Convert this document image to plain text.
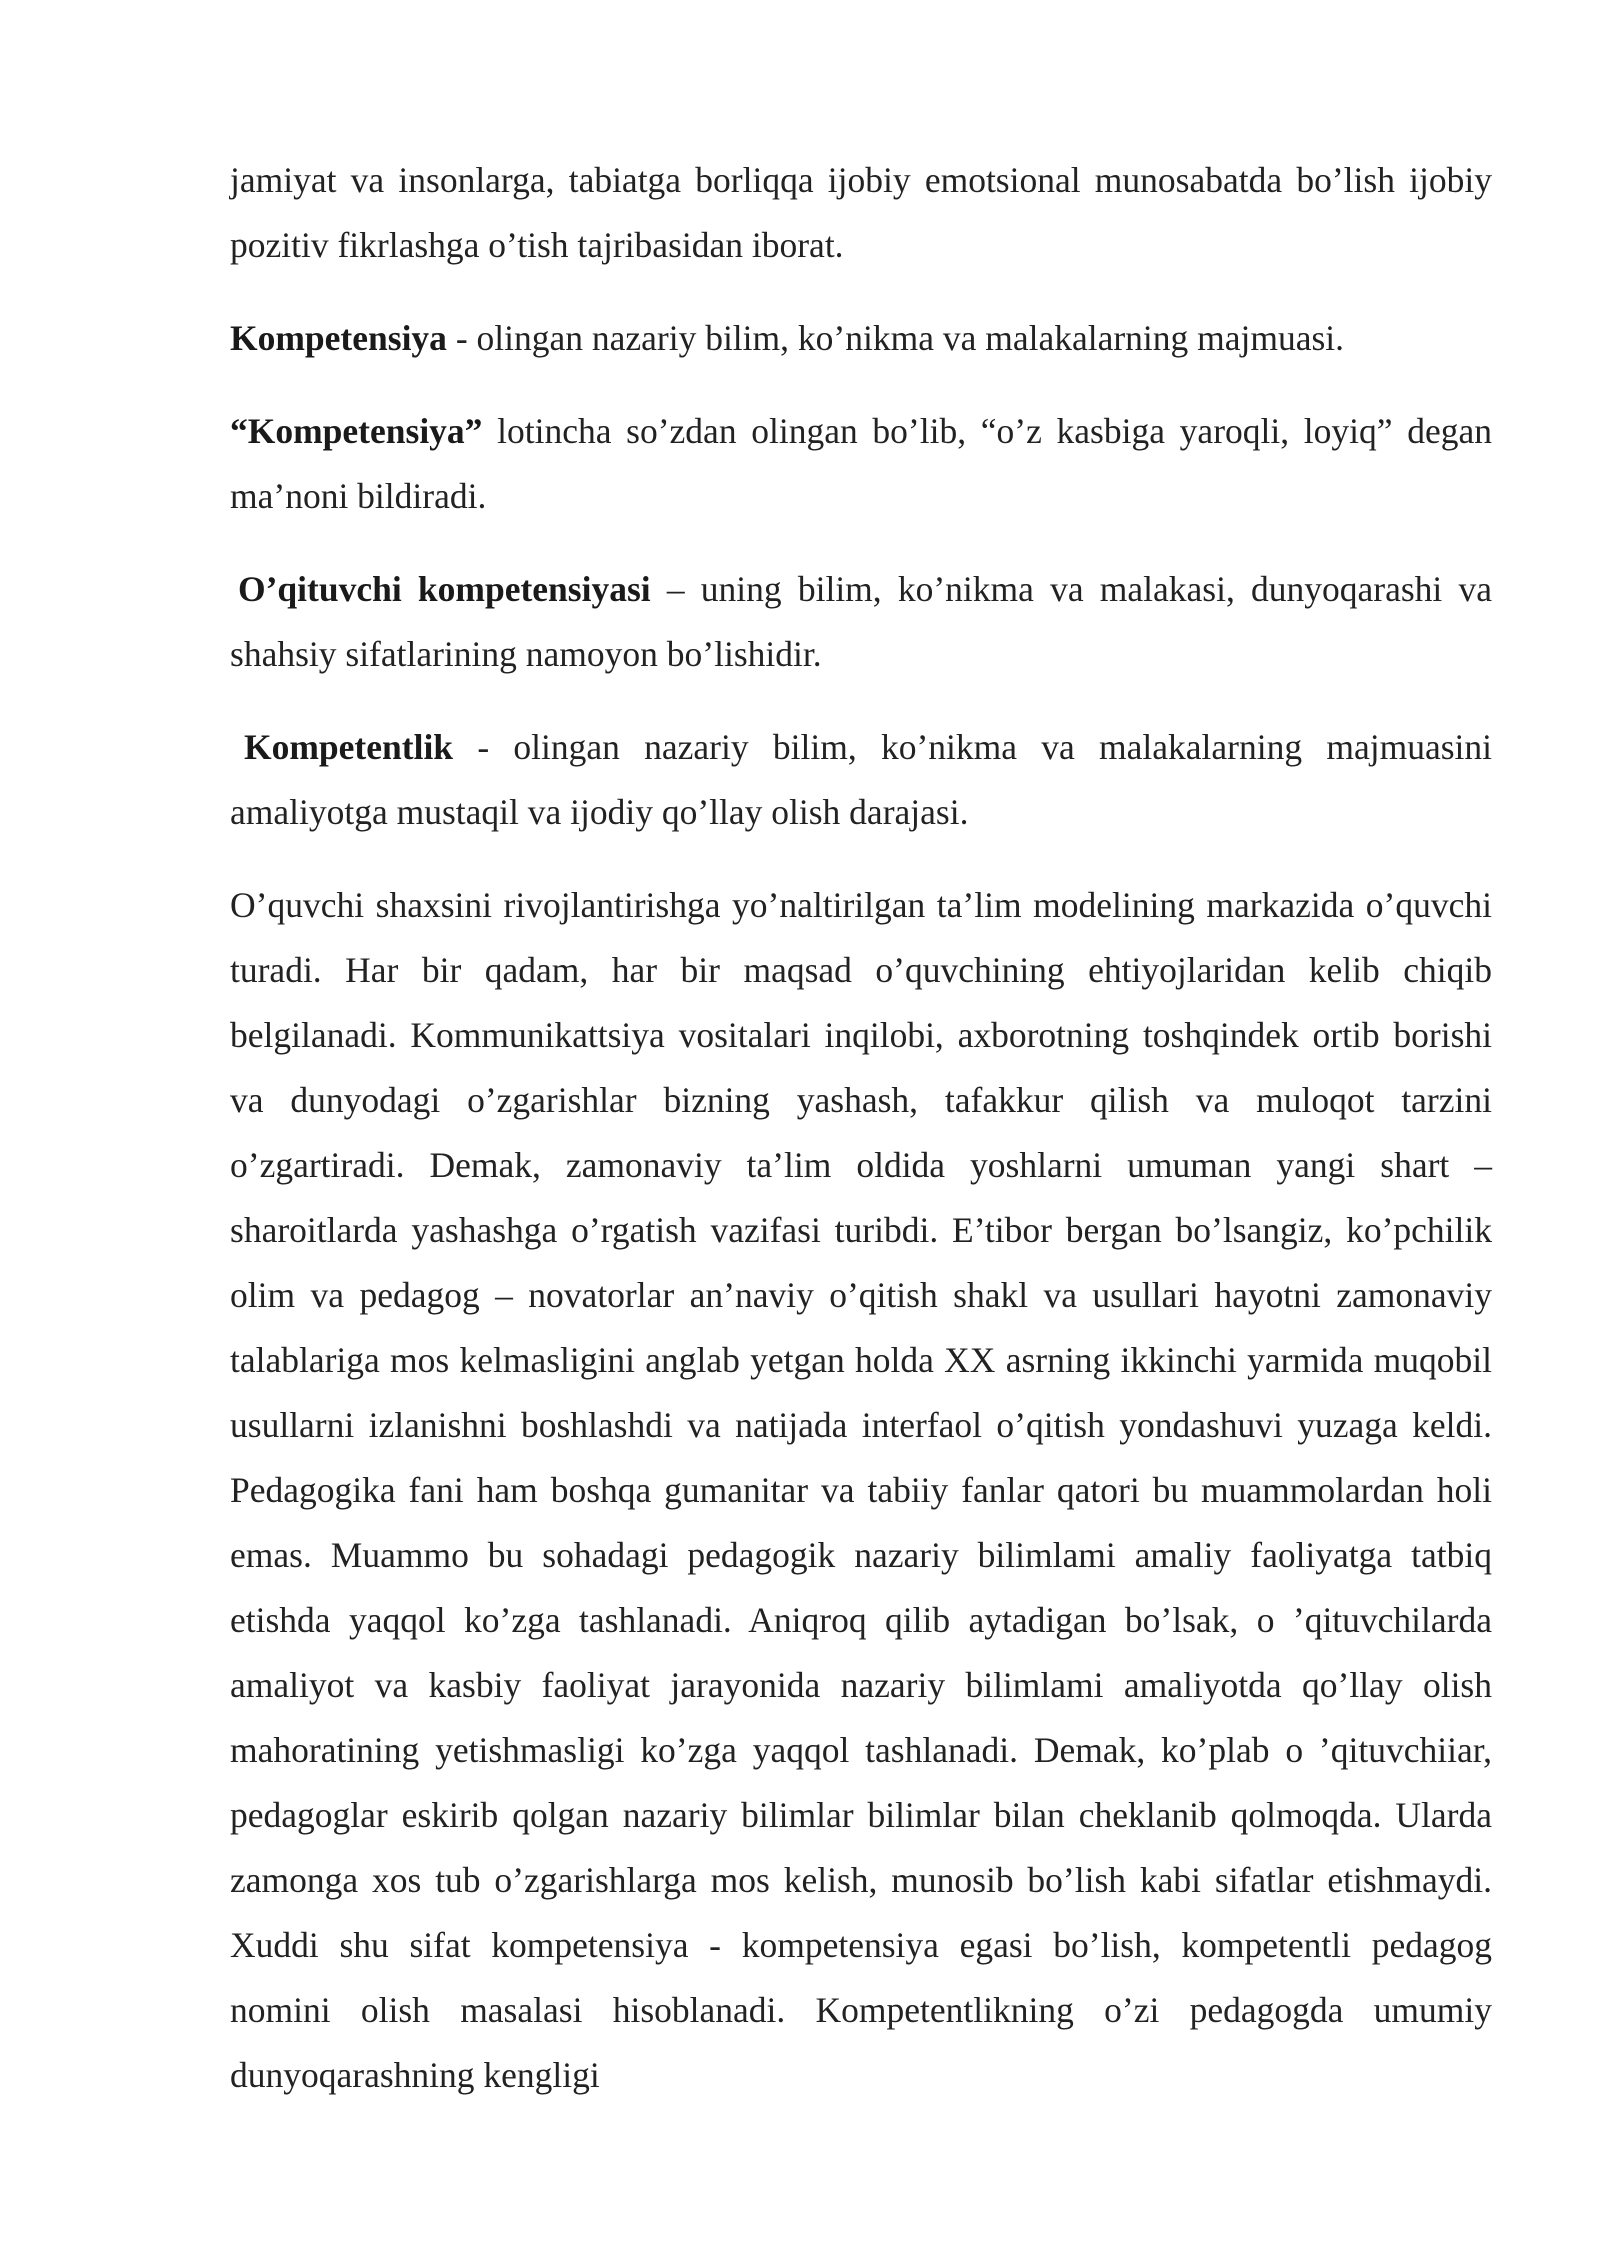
jamiyat va insonlarga, tabiatga borliqqa ijobiy emotsional munosabatda bo’lish ijobiy pozitiv fikrlashga o’tish tajribasidan iborat.

Kompetensiya - olingan nazariy bilim, ko’nikma va malakalarning majmuasi.

“Kompetensiya” lotincha so’zdan olingan bo’lib, “o’z kasbiga yaroqli, loyiq” degan ma’noni bildiradi.

O’qituvchi kompetensiyasi – uning bilim, ko’nikma va malakasi, dunyoqarashi va shahsiy sifatlarining namoyon bo’lishidir.

Kompetentlik - olingan nazariy bilim, ko’nikma va malakalarning majmuasini amaliyotga mustaqil va ijodiy qo’llay olish darajasi.

O’quvchi shaxsini rivojlantirishga yo’naltirilgan ta’lim modelining markazida o’quvchi turadi. Har bir qadam, har bir maqsad o’quvchining ehtiyojlaridan kelib chiqib belgilanadi. Kommunikattsiya vositalari inqilobi, axborotning toshqindek ortib borishi va dunyodagi o’zgarishlar bizning yashash, tafakkur qilish va muloqot tarzini o’zgartiradi. Demak, zamonaviy ta’lim oldida yoshlarni umuman yangi shart – sharoitlarda yashashga o’rgatish vazifasi turibdi. E’tibor bergan bo’lsangiz, ko’pchilik olim va pedagog – novatorlar an’naviy o’qitish shakl va usullari hayotni zamonaviy talablariga mos kelmasligini anglab yetgan holda XX asrning ikkinchi yarmida muqobil usullarni izlanishni boshlashdi va natijada interfaol o’qitish yondashuvi yuzaga keldi. Pedagogika fani ham boshqa gumanitar va tabiiy fanlar qatori bu muammolardan holi emas. Muammo bu sohadagi pedagogik nazariy bilimlami amaliy faoliyatga tatbiq etishda yaqqol ko’zga tashlanadi. Aniqroq qilib aytadigan bo’lsak, o ’qituvchilarda amaliyot va kasbiy faoliyat jarayonida nazariy bilimlami amaliyotda qo’llay olish mahoratining yetishmasligi ko’zga yaqqol tashlanadi. Demak, ko’plab o ’qituvchiiar, pedagoglar eskirib qolgan nazariy bilimlar bilimlar bilan cheklanib qolmoqda. Ularda zamonga xos tub o’zgarishlarga mos kelish, munosib bo’lish kabi sifatlar etishmaydi. Xuddi shu sifat kompetensiya - kompetensiya egasi bo’lish, kompetentli pedagog nomini olish masalasi hisoblanadi. Kompetentlikning o’zi pedagogda umumiy dunyoqarashning kengligi
